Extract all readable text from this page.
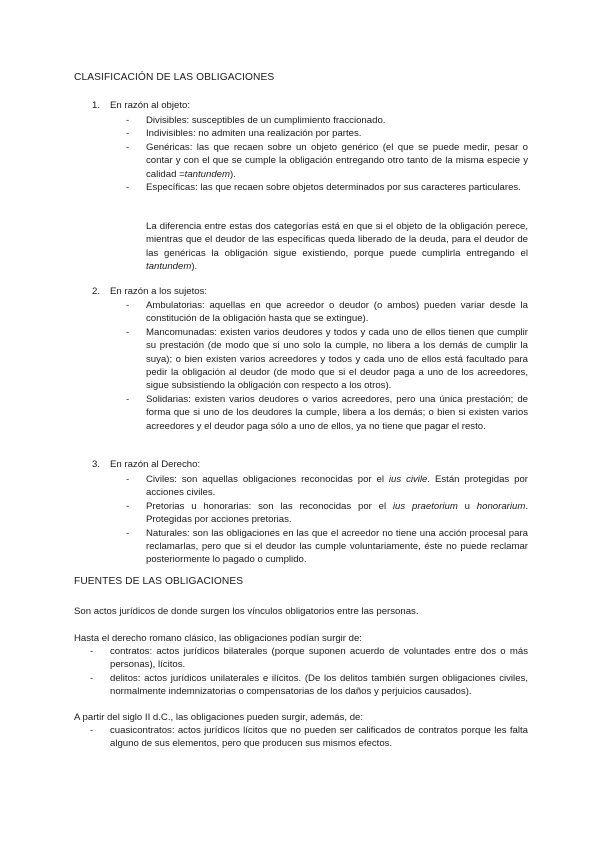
CLASIFICACIÓN DE LAS OBLIGACIONES
1. En razón al objeto:
- Divisibles: susceptibles de un cumplimiento fraccionado.
- Indivisibles: no admiten una realización por partes.
- Genéricas: las que recaen sobre un objeto genérico (el que se puede medir, pesar o contar y con el que se cumple la obligación entregando otro tanto de la misma especie y calidad =tantundem).
- Específicas: las que recaen sobre objetos determinados por sus caracteres particulares.
La diferencia entre estas dos categorías está en que si el objeto de la obligación perece, mientras que el deudor de las específicas queda liberado de la deuda, para el deudor de las genéricas la obligación sigue existiendo, porque puede cumplirla entregando el tantundem).
2. En razón a los sujetos:
- Ambulatorias: aquellas en que acreedor o deudor (o ambos) pueden variar desde la constitución de la obligación hasta que se extingue).
- Mancomunadas: existen varios deudores y todos y cada uno de ellos tienen que cumplir su prestación (de modo que si uno solo la cumple, no libera a los demás de cumplir la suya); o bien existen varios acreedores y todos y cada uno de ellos está facultado para pedir la obligación al deudor (de modo que si el deudor paga a uno de los acreedores, sigue subsistiendo la obligación con respecto a los otros).
- Solidarias: existen varios deudores o varios acreedores, pero una única prestación; de forma que si uno de los deudores la cumple, libera a los demás; o bien si existen varios acreedores y el deudor paga sólo a uno de ellos, ya no tiene que pagar el resto.
3. En razón al Derecho:
- Civiles: son aquellas obligaciones reconocidas por el ius civile. Están protegidas por acciones civiles.
- Pretorias u honorarias: son las reconocidas por el ius praetorium u honorarium. Protegidas por acciones pretorias.
- Naturales: son las obligaciones en las que el acreedor no tiene una acción procesal para reclamarlas, pero que si el deudor las cumple voluntariamente, éste no puede reclamar posteriormente lo pagado o cumplido.
FUENTES DE LAS OBLIGACIONES
Son actos jurídicos de donde surgen los vínculos obligatorios entre las personas.
Hasta el derecho romano clásico, las obligaciones podían surgir de:
- contratos: actos jurídicos bilaterales (porque suponen acuerdo de voluntades entre dos o más personas), lícitos.
- delitos: actos jurídicos unilaterales e ilícitos. (De los delitos también surgen obligaciones civiles, normalmente indemnizatorias o compensatorias de los daños y perjuicios causados).
A partir del siglo II d.C., las obligaciones pueden surgir, además, de:
- cuasicontratos: actos jurídicos lícitos que no pueden ser calificados de contratos porque les falta alguno de sus elementos, pero que producen sus mismos efectos.
